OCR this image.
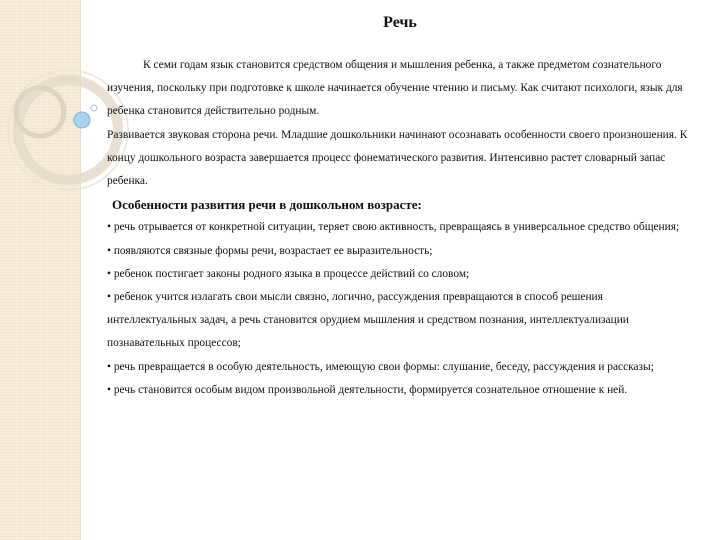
Речь

К семи годам язык становится средством общения и мышления ребенка, а также предметом сознательного изучения, поскольку при подготовке к школе начинается обучение чтению и письму. Как считают психологи, язык для ребенка становится действительно родным.

Развивается звуковая сторона речи. Младшие дошкольники начинают осознавать особенности своего произношения. К концу дошкольного возраста завершается процесс фонематического развития. Интенсивно растет словарный запас ребенка.

Особенности развития речи в дошкольном возрасте:

• речь отрывается от конкретной ситуации, теряет свою активность, превращаясь в универсальное средство общения;

• появляются связные формы речи, возрастает ее выразительность;

• ребенок постигает законы родного языка в процессе действий со словом;

• ребенок учится излагать свои мысли связно, логично, рассуждения превращаются в способ решения интеллектуальных задач, а речь становится орудием мышления и средством познания, интеллектуализации познавательных процессов;

• речь превращается в особую деятельность, имеющую свои формы: слушание, беседу, рассуждения и рассказы;

• речь становится особым видом произвольной деятельности, формируется сознательное отношение к ней.
